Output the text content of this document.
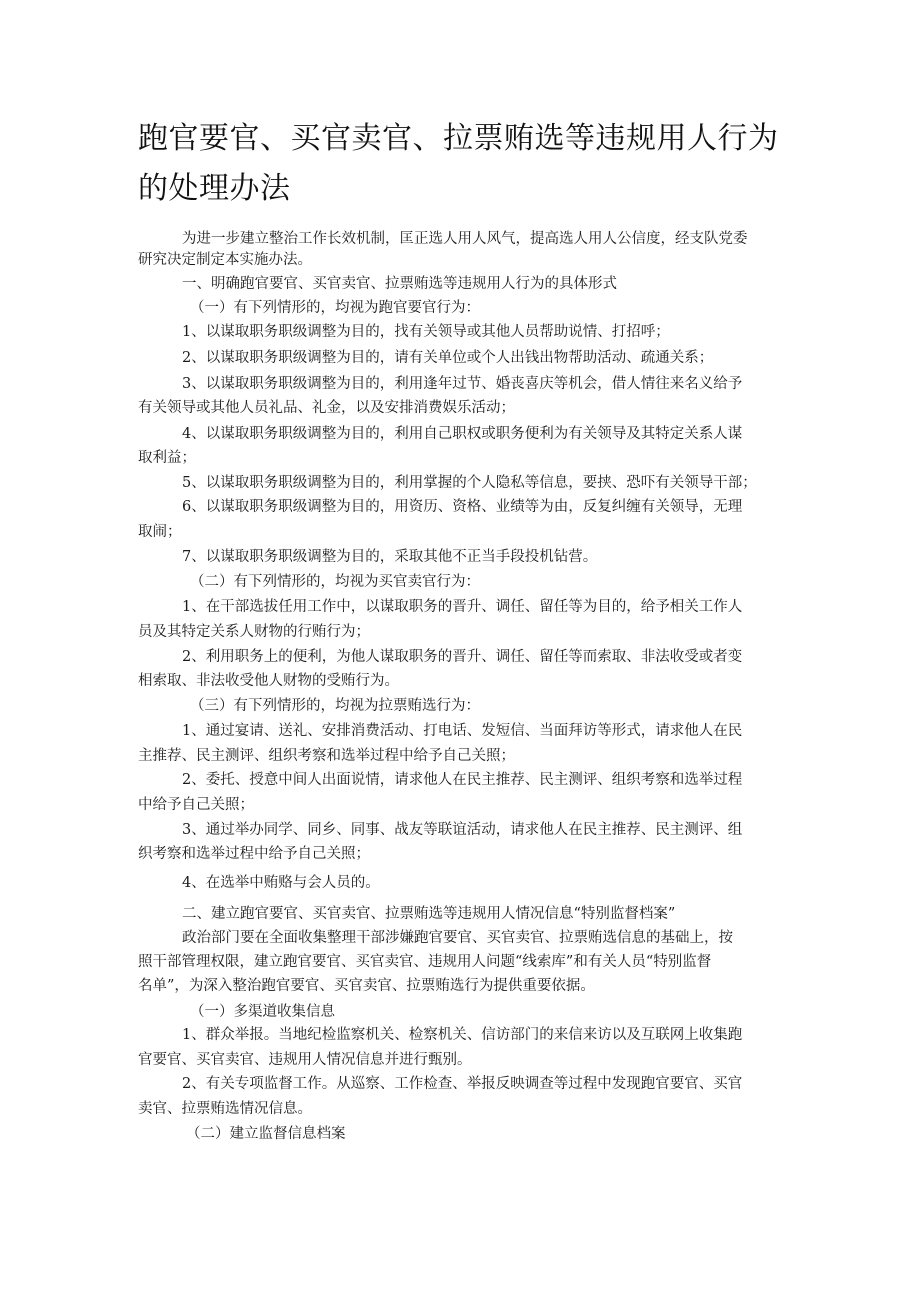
跑官要官、买官卖官、拉票贿选等违规用人行为的处理办法
为进一步建立整治工作长效机制，匡正选人用人风气，提高选人用人公信度，经支队党委
研究决定制定本实施办法。
一、明确跑官要官、买官卖官、拉票贿选等违规用人行为的具体形式
（一）有下列情形的，均视为跑官要官行为：
1、以谋取职务职级调整为目的，找有关领导或其他人员帮助说情、打招呼；
2、以谋取职务职级调整为目的，请有关单位或个人出钱出物帮助活动、疏通关系；
3、以谋取职务职级调整为目的，利用逢年过节、婚丧喜庆等机会，借人情往来名义给予
有关领导或其他人员礼品、礼金，以及安排消费娱乐活动；
4、以谋取职务职级调整为目的，利用自己职权或职务便利为有关领导及其特定关系人谋
取利益；
5、以谋取职务职级调整为目的，利用掌握的个人隐私等信息，要挟、恐吓有关领导干部；
6、以谋取职务职级调整为目的，用资历、资格、业绩等为由，反复纠缠有关领导，无理
取闹；
7、以谋取职务职级调整为目的，采取其他不正当手段投机钻营。
（二）有下列情形的，均视为买官卖官行为：
1、在干部选拔任用工作中，以谋取职务的晋升、调任、留任等为目的，给予相关工作人
员及其特定关系人财物的行贿行为；
2、利用职务上的便利，为他人谋取职务的晋升、调任、留任等而索取、非法收受或者变
相索取、非法收受他人财物的受贿行为。
（三）有下列情形的，均视为拉票贿选行为：
1、通过宴请、送礼、安排消费活动、打电话、发短信、当面拜访等形式，请求他人在民
主推荐、民主测评、组织考察和选举过程中给予自己关照；
2、委托、授意中间人出面说情，请求他人在民主推荐、民主测评、组织考察和选举过程
中给予自己关照；
3、通过举办同学、同乡、同事、战友等联谊活动，请求他人在民主推荐、民主测评、组
织考察和选举过程中给予自己关照；
4、在选举中贿赂与会人员的。
二、建立跑官要官、买官卖官、拉票贿选等违规用人情况信息“特别监督档案”
政治部门要在全面收集整理干部涉嫌跑官要官、买官卖官、拉票贿选信息的基础上，按
照干部管理权限，建立跑官要官、买官卖官、违规用人问题“线索库”和有关人员“特别监督
名单”，为深入整治跑官要官、买官卖官、拉票贿选行为提供重要依据。
（一）多渠道收集信息
1、群众举报。当地纪检监察机关、检察机关、信访部门的来信来访以及互联网上收集跑
官要官、买官卖官、违规用人情况信息并进行甄别。
2、有关专项监督工作。从巡察、工作检查、举报反映调查等过程中发现跑官要官、买官
卖官、拉票贿选情况信息。
（二）建立监督信息档案
